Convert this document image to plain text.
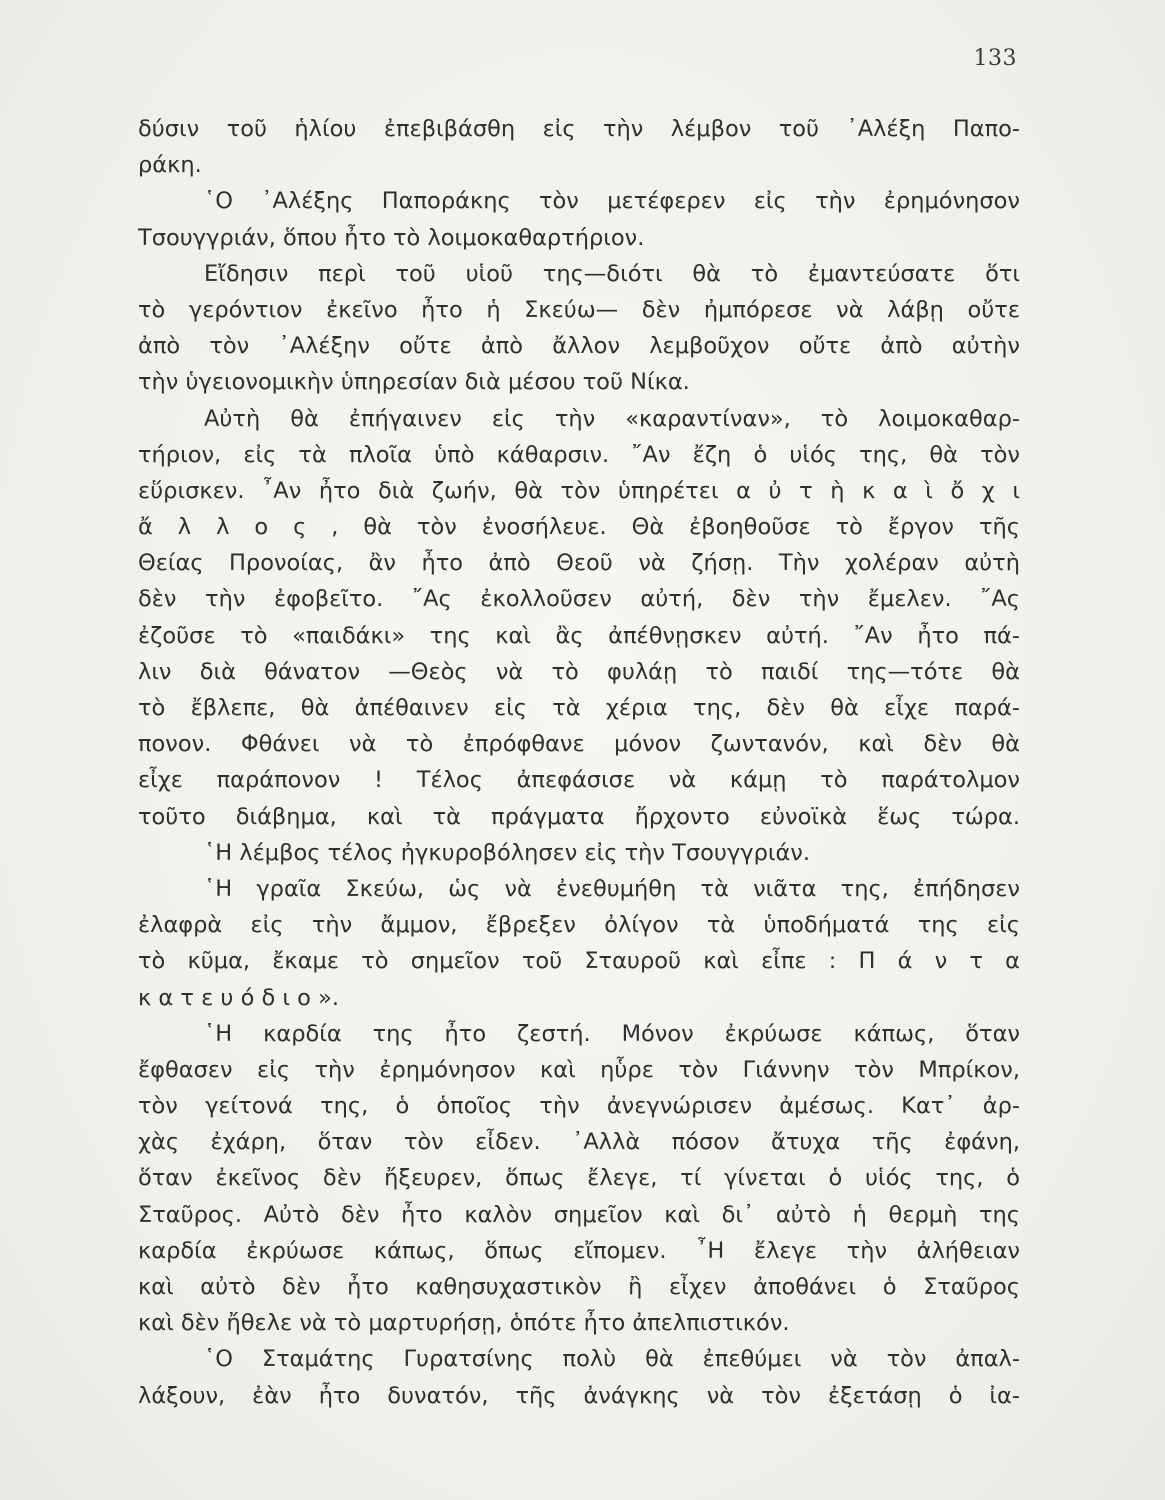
133
δύσιν τοῦ ἡλίου ἐπεβιβάσθη εἰς τὴν λέμβον τοῦ ᾿Αλέξη Παπο-
ράκη.
῾Ο ᾿Αλέξης Παποράκης τὸν μετέφερεν εἰς τὴν ἐρημόνησον
Τσουγγριάν, ὅπου ἦτο τὸ λοιμοκαθαρτήριον.
Εἴδησιν περὶ τοῦ υἱοῦ της—διότι θὰ τὸ ἐμαντεύσατε ὅτι
τὸ γερόντιον ἐκεῖνο ἦτο ἡ Σκεύω— δὲν ἠμπόρεσε νὰ λάβῃ οὔτε
ἀπὸ τὸν ᾿Αλέξην οὔτε ἀπὸ ἄλλον λεμβοῦχον οὔτε ἀπὸ αὐτὴν
τὴν ὑγειονομικὴν ὑπηρεσίαν διὰ μέσου τοῦ Νίκα.
Αὐτὴ θὰ ἐπήγαινεν εἰς τὴν «καραντίναν», τὸ λοιμοκαθαρ-
τήριον, εἰς τὰ πλοῖα ὑπὸ κάθαρσιν. ῎Αν ἔζη ὁ υἱός της, θὰ τὸν
εὕρισκεν. ῏Αν ἦτο διὰ ζωήν, θὰ τὸν ὑπηρέτει α ὐ τ ὴ κ α ὶ ὄ χ ι
ἄ λ λ ο ς , θὰ τὸν ἐνοσήλευε. Θὰ ἐβοηθοῦσε τὸ ἔργον τῆς
Θείας Προνοίας, ἂν ἦτο ἀπὸ Θεοῦ νὰ ζήσῃ. Τὴν χολέραν αὐτὴ
δὲν τὴν ἐφοβεῖτο. ῎Ας ἐκολλοῦσεν αὐτή, δὲν τὴν ἔμελεν. ῎Ας
ἐζοῦσε τὸ «παιδάκι» της καὶ ἂς ἀπέθνῃσκεν αὐτή. ῎Αν ἦτο πά-
λιν διὰ θάνατον —Θεὸς νὰ τὸ φυλάῃ τὸ παιδί της—τότε θὰ
τὸ ἔβλεπε, θὰ ἀπέθαινεν εἰς τὰ χέρια της, δὲν θὰ εἶχε παρά-
πονον. Φθάνει νὰ τὸ ἐπρόφθανε μόνον ζωντανόν, καὶ δὲν θὰ
εἶχε παράπονον ! Τέλος ἀπεφάσισε νὰ κάμῃ τὸ παράτολμον
τοῦτο διάβημα, καὶ τὰ πράγματα ἤρχοντο εὐνοϊκὰ ἕως τώρα.
῾Η λέμβος τέλος ἠγκυροβόλησεν εἰς τὴν Τσουγγριάν.
῾Η γραῖα Σκεύω, ὡς νὰ ἐνεθυμήθη τὰ νιᾶτα της, ἐπήδησεν
ἐλαφρὰ εἰς τὴν ἄμμον, ἔβρεξεν ὀλίγον τὰ ὑποδήματά της εἰς
τὸ κῦμα, ἔκαμε τὸ σημεῖον τοῦ Σταυροῦ καὶ εἶπε : Π ά ν τ α
κ α τ ε υ ό δ ι ο ».
῾Η καρδία της ἦτο ζεστή. Μόνον ἐκρύωσε κάπως, ὅταν
ἔφθασεν εἰς τὴν ἐρημόνησον καὶ ηὗρε τὸν Γιάννην τὸν Μπρίκον,
τὸν γείτονά της, ὁ ὁποῖος τὴν ἀνεγνώρισεν ἀμέσως. Κατ᾿ ἀρ-
χὰς ἐχάρη, ὅταν τὸν εἶδεν. ᾿Αλλὰ πόσον ἄτυχα τῆς ἐφάνη,
ὅταν ἐκεῖνος δὲν ἤξευρεν, ὅπως ἔλεγε, τί γίνεται ὁ υἱός της, ὁ
Σταῦρος. Αὐτὸ δὲν ἦτο καλὸν σημεῖον καὶ δι᾿ αὐτὸ ἡ θερμὴ της
καρδία ἐκρύωσε κάπως, ὅπως εἴπομεν. ῏Η ἔλεγε τὴν ἀλήθειαν
καὶ αὐτὸ δὲν ἦτο καθησυχαστικὸν ἢ εἶχεν ἀποθάνει ὁ Σταῦρος
καὶ δὲν ἤθελε νὰ τὸ μαρτυρήσῃ, ὁπότε ἦτο ἀπελπιστικόν.
῾Ο Σταμάτης Γυρατσίνης πολὺ θὰ ἐπεθύμει νὰ τὸν ἀπαλ-
λάξουν, ἐὰν ἦτο δυνατόν, τῆς ἀνάγκης νὰ τὸν ἐξετάσῃ ὁ ἰα-
